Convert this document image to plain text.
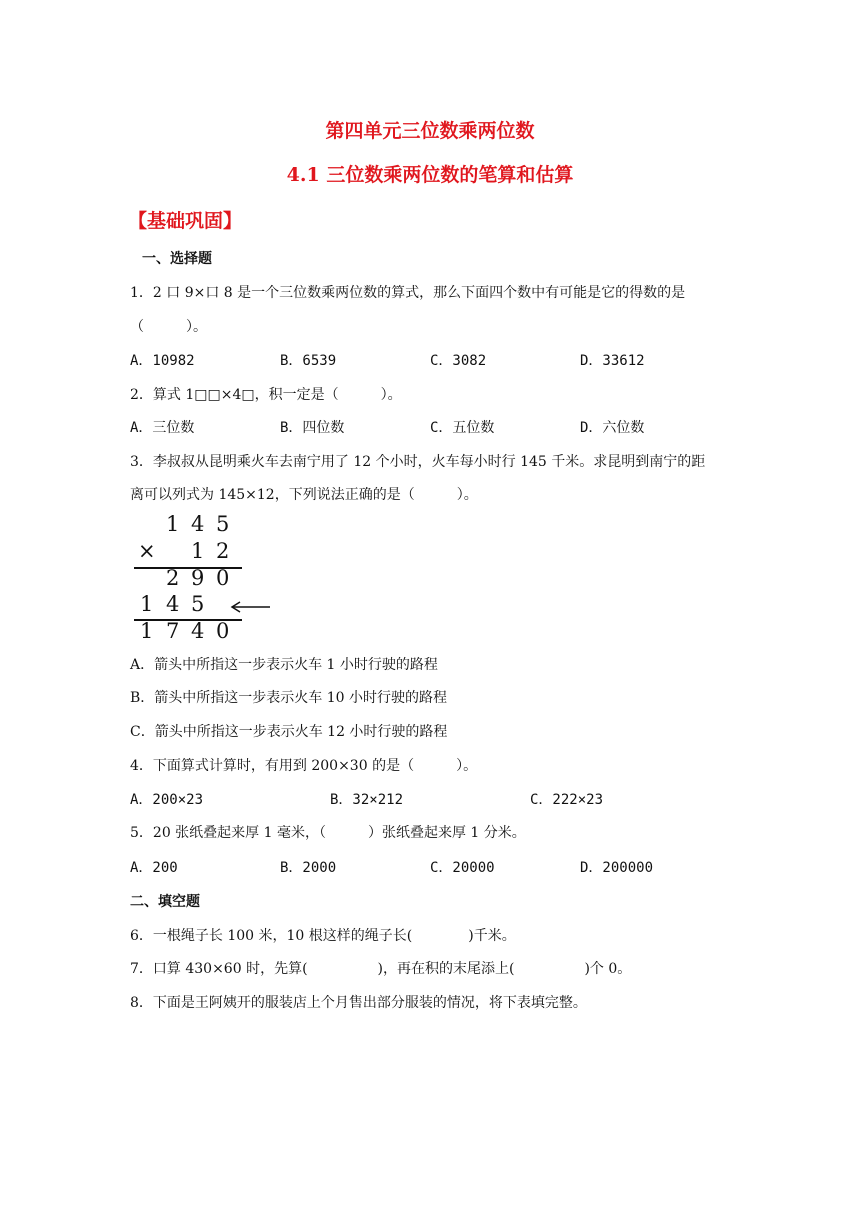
第四单元三位数乘两位数
4.1 三位数乘两位数的笔算和估算
【基础巩固】
一、选择题
1．2 口 9×口 8 是一个三位数乘两位数的算式，那么下面四个数中有可能是它的得数的是
（　　　）。
A．10982	B．6539	C．3082	D．33612
2．算式 1□□×4□，积一定是（　　　）。
A．三位数	B．四位数	C．五位数	D．六位数
3．李叔叔从昆明乘火车去南宁用了 12 个小时，火车每小时行 145 千米。求昆明到南宁的距
离可以列式为 145×12，下列说法正确的是（　　　）。
1 4 5
× 1 2
2 9 0
1 4 5
1 7 4 0
A．箭头中所指这一步表示火车 1 小时行驶的路程
B．箭头中所指这一步表示火车 10 小时行驶的路程
C．箭头中所指这一步表示火车 12 小时行驶的路程
4．下面算式计算时，有用到 200×30 的是（　　　）。
A．200×23	B．32×212	C．222×23
5．20 张纸叠起来厚 1 毫米，（　　　）张纸叠起来厚 1 分米。
A．200	B．2000	C．20000	D．200000
二、填空题
6．一根绳子长 100 米，10 根这样的绳子长(　　　　)千米。
7．口算 430×60 时，先算(　　　　　)，再在积的末尾添上(　　　　　)个 0。
8．下面是王阿姨开的服装店上个月售出部分服装的情况，将下表填完整。
